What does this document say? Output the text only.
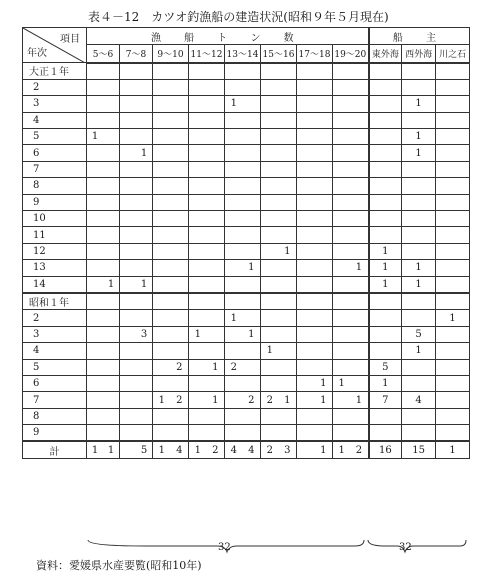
表４－12　カツオ釣漁船の建造状況(昭和９年５月現在)
項目
年次	漁 船 ト ン 数								船 主		
	5～6	7～8	9～10	11～12	13～14	15～16	17～18	19～20	東外海	西外海	川之石
大正１年	

2	

3					1					1	
4	

5	1									1	
6		1								1	
7	

8	

9	

10	

11	

12						1			1		
13					1			1	1	1	
14	1	1							1	1	
昭和１年	

2					1						1
3		3		1	1					5	
4						1				1	
5			2	1	2				5		
6							1	1	1		
7			1 2	1	2	2 1	1	1	7	4	
8	

9	

計	1 1	5	1 4	1 2	4 4	2 3	1	1 2	16	15	1
32	32
資料：愛媛県水産要覧(昭和10年)
